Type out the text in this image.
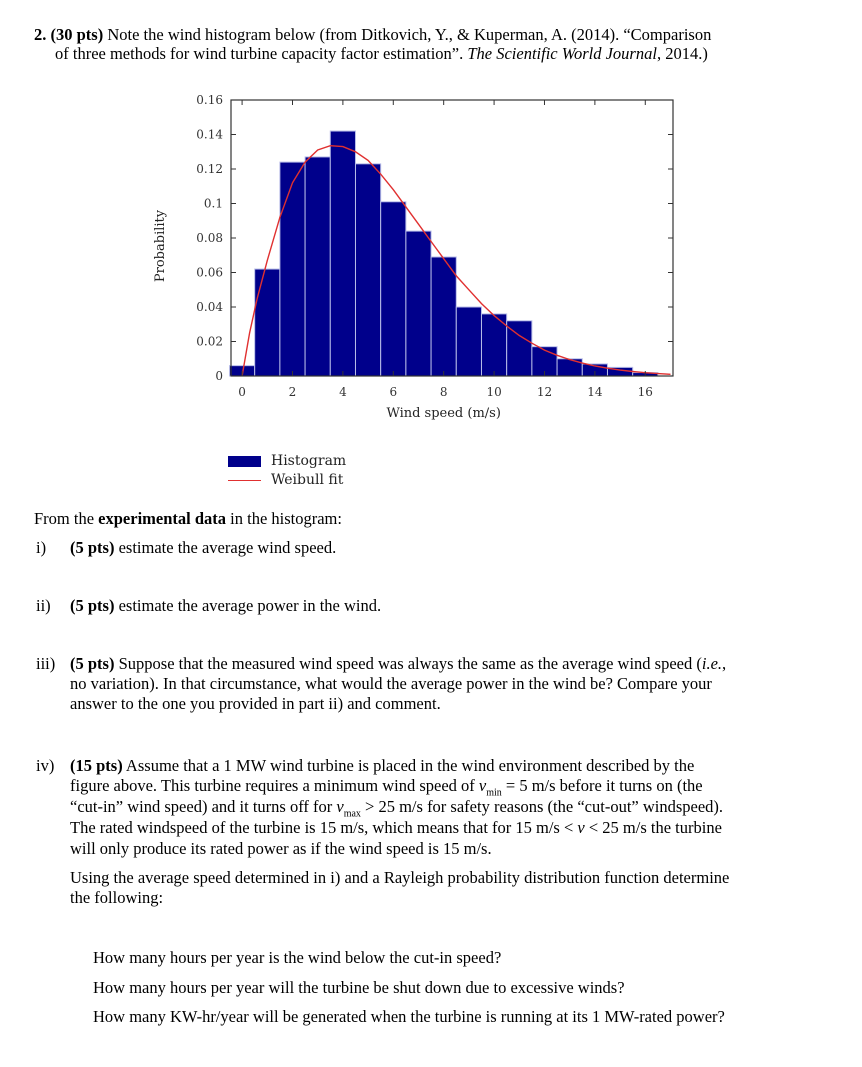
2. (30 pts) Note the wind histogram below (from Ditkovich, Y., & Kuperman, A. (2014). “Comparison
of three methods for wind turbine capacity factor estimation”. The Scientific World Journal, 2014.)
0
0.02
0.04
0.06
0.08
0.1
0.12
0.14
0.16
0	2	4	6	8	10	12	14	16
Wind speed (m/s)
Probability
Histogram
Weibull fit
From the experimental data in the histogram:
i) (5 pts) estimate the average wind speed.
ii) (5 pts) estimate the average power in the wind.
iii) (5 pts) Suppose that the measured wind speed was always the same as the average wind speed (i.e.,
no variation). In that circumstance, what would the average power in the wind be? Compare your
answer to the one you provided in part ii) and comment.
iv) (15 pts) Assume that a 1 MW wind turbine is placed in the wind environment described by the
figure above. This turbine requires a minimum wind speed of $v_{min} = 5$ m/s before it turns on (the
“cut-in” wind speed) and it turns off for $v_{max} > 25$ m/s for safety reasons (the “cut-out” windspeed).
The rated windspeed of the turbine is 15 m/s, which means that for 15 m/s < v < 25 m/s the turbine
will only produce its rated power as if the wind speed is 15 m/s.
Using the average speed determined in i) and a Rayleigh probability distribution function determine
the following:
How many hours per year is the wind below the cut-in speed?
How many hours per year will the turbine be shut down due to excessive winds?
How many KW-hr/year will be generated when the turbine is running at its 1 MW-rated power?
